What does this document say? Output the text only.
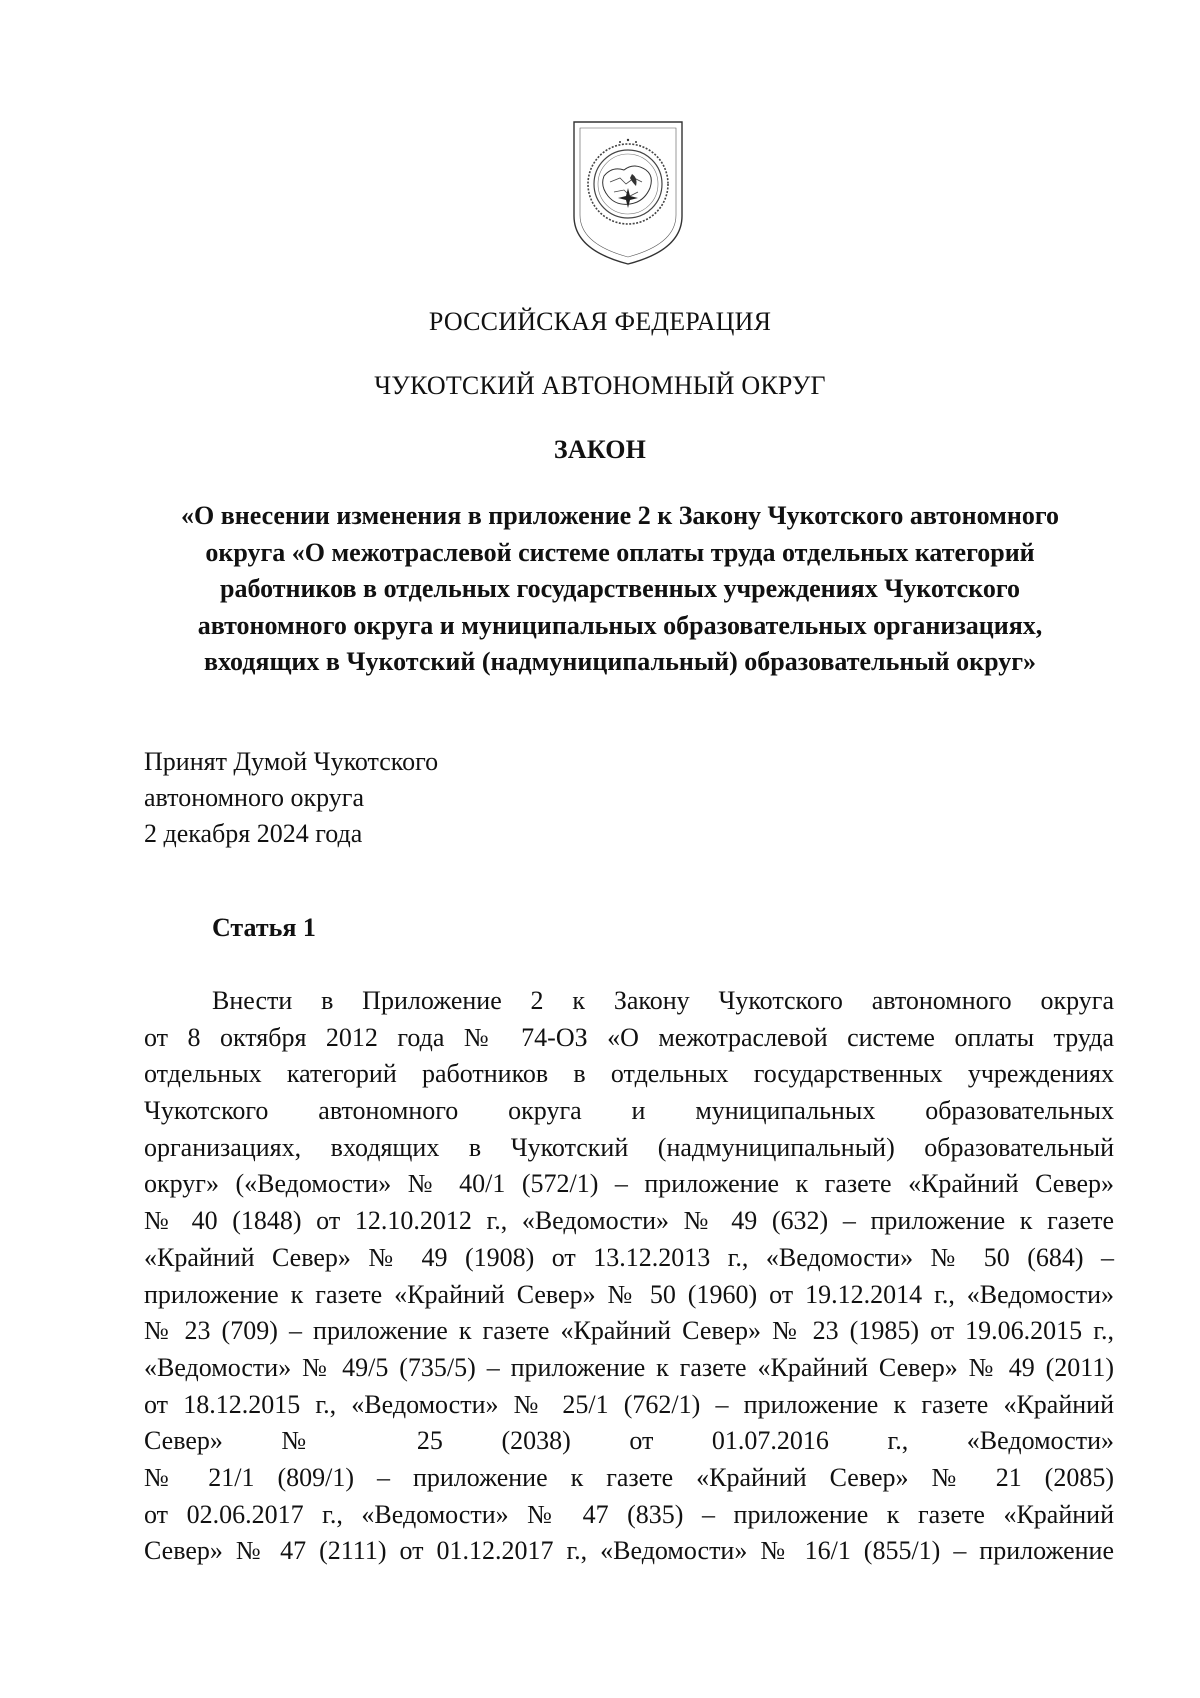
РОССИЙСКАЯ ФЕДЕРАЦИЯ
ЧУКОТСКИЙ АВТОНОМНЫЙ ОКРУГ
ЗАКОН
«О внесении изменения в приложение 2 к Закону Чукотского автономного
округа «О межотраслевой системе оплаты труда отдельных категорий
работников в отдельных государственных учреждениях Чукотского
автономного округа и муниципальных образовательных организациях,
входящих в Чукотский (надмуниципальный) образовательный округ»
Принят Думой Чукотского
автономного округа
2 декабря 2024 года
Статья 1
Внести в Приложение 2 к Закону Чукотского автономного округа
от 8 октября 2012 года № 74-ОЗ «О межотраслевой системе оплаты труда
отдельных категорий работников в отдельных государственных учреждениях
Чукотского автономного округа и муниципальных образовательных
организациях, входящих в Чукотский (надмуниципальный) образовательный
округ» («Ведомости» № 40/1 (572/1) – приложение к газете «Крайний Север»
№ 40 (1848) от 12.10.2012 г., «Ведомости» № 49 (632) – приложение к газете
«Крайний Север» № 49 (1908) от 13.12.2013 г., «Ведомости» № 50 (684) –
приложение к газете «Крайний Север» № 50 (1960) от 19.12.2014 г., «Ведомости»
№ 23 (709) – приложение к газете «Крайний Север» № 23 (1985) от 19.06.2015 г.,
«Ведомости» № 49/5 (735/5) – приложение к газете «Крайний Север» № 49 (2011)
от 18.12.2015 г., «Ведомости» № 25/1 (762/1) – приложение к газете «Крайний
Север» № 25 (2038) от 01.07.2016 г., «Ведомости»
№ 21/1 (809/1) – приложение к газете «Крайний Север» № 21 (2085)
от 02.06.2017 г., «Ведомости» № 47 (835) – приложение к газете «Крайний
Север» № 47 (2111) от 01.12.2017 г., «Ведомости» № 16/1 (855/1) – приложение
